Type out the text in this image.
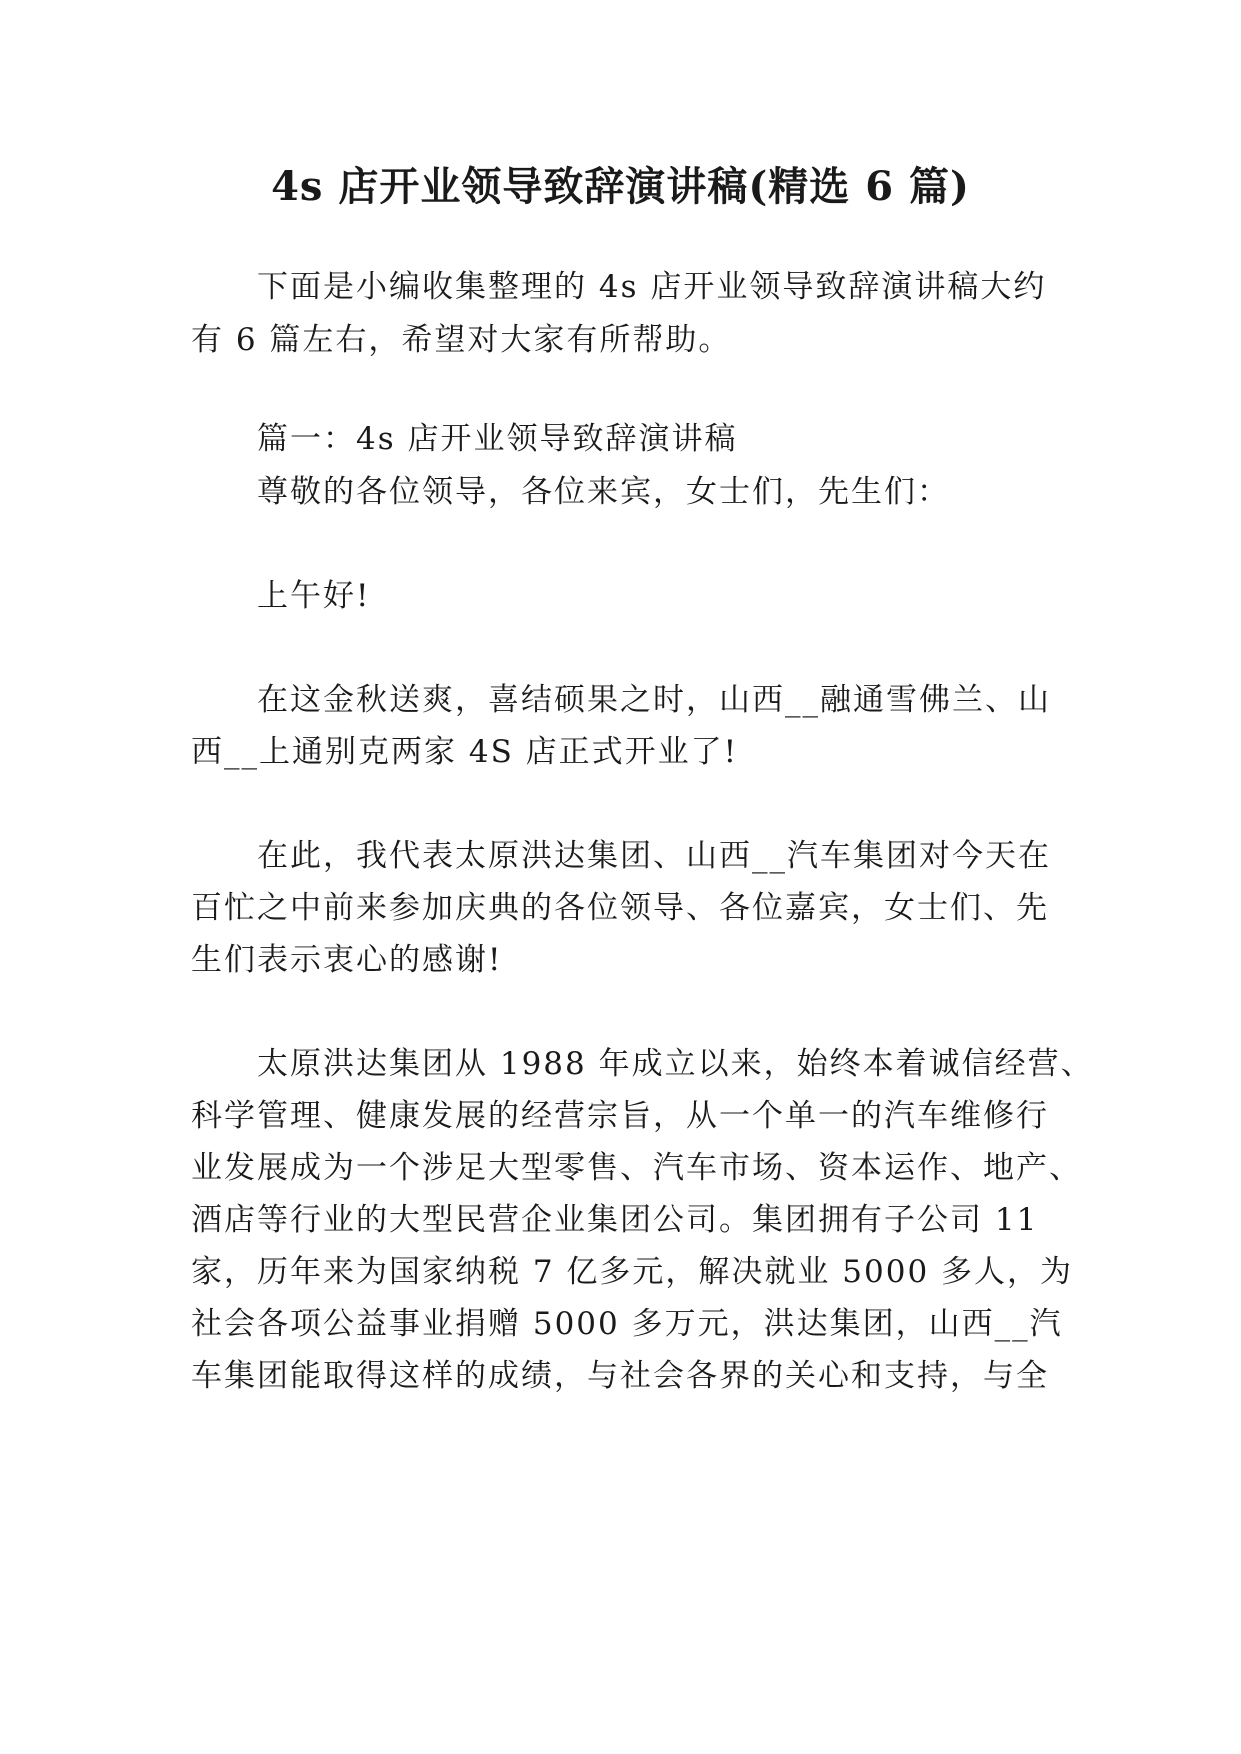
4s 店开业领导致辞演讲稿(精选 6 篇)
下面是小编收集整理的 4s 店开业领导致辞演讲稿大约
有 6 篇左右，希望对大家有所帮助。
篇一：4s 店开业领导致辞演讲稿
尊敬的各位领导，各位来宾，女士们，先生们：
上午好!
在这金秋送爽，喜结硕果之时，山西__融通雪佛兰、山
西__上通别克两家 4S 店正式开业了!
在此，我代表太原洪达集团、山西__汽车集团对今天在
百忙之中前来参加庆典的各位领导、各位嘉宾，女士们、先
生们表示衷心的感谢!
太原洪达集团从 1988 年成立以来，始终本着诚信经营、
科学管理、健康发展的经营宗旨，从一个单一的汽车维修行
业发展成为一个涉足大型零售、汽车市场、资本运作、地产、
酒店等行业的大型民营企业集团公司。集团拥有子公司 11
家，历年来为国家纳税 7 亿多元，解决就业 5000 多人，为
社会各项公益事业捐赠 5000 多万元，洪达集团，山西__汽
车集团能取得这样的成绩，与社会各界的关心和支持，与全
